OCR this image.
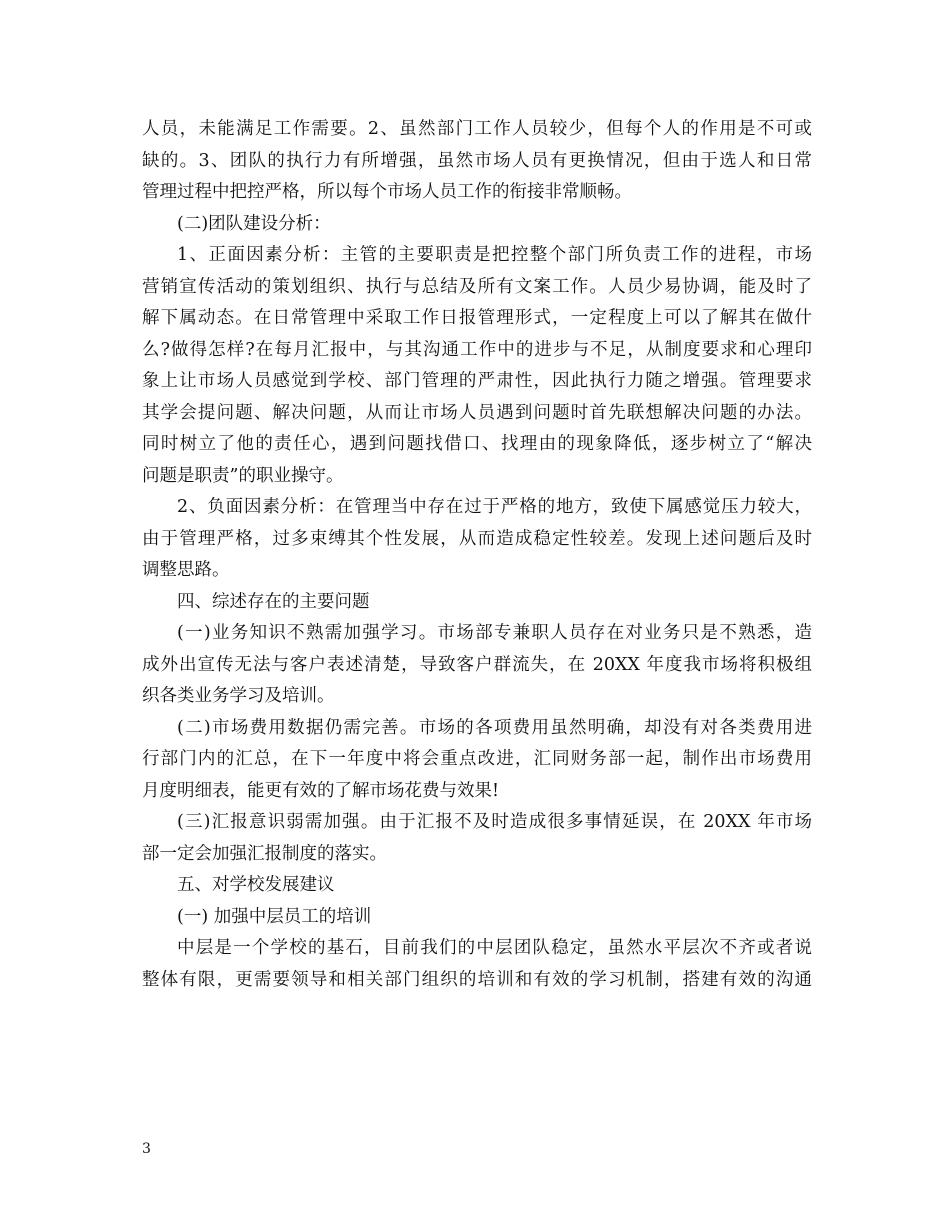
人员，未能满足工作需要。2、虽然部门工作人员较少，但每个人的作用是不可或
缺的。3、团队的执行力有所增强，虽然市场人员有更换情况，但由于选人和日常
管理过程中把控严格，所以每个市场人员工作的衔接非常顺畅。
(二)团队建设分析：
1、正面因素分析：主管的主要职责是把控整个部门所负责工作的进程，市场
营销宣传活动的策划组织、执行与总结及所有文案工作。人员少易协调，能及时了
解下属动态。在日常管理中采取工作日报管理形式，一定程度上可以了解其在做什
么?做得怎样?在每月汇报中，与其沟通工作中的进步与不足，从制度要求和心理印
象上让市场人员感觉到学校、部门管理的严肃性，因此执行力随之增强。管理要求
其学会提问题、解决问题，从而让市场人员遇到问题时首先联想解决问题的办法。
同时树立了他的责任心，遇到问题找借口、找理由的现象降低，逐步树立了“解决
问题是职责”的职业操守。
2、负面因素分析：在管理当中存在过于严格的地方，致使下属感觉压力较大，
由于管理严格，过多束缚其个性发展，从而造成稳定性较差。发现上述问题后及时
调整思路。
四、综述存在的主要问题
(一)业务知识不熟需加强学习。市场部专兼职人员存在对业务只是不熟悉，造
成外出宣传无法与客户表述清楚，导致客户群流失，在 20XX 年度我市场将积极组
织各类业务学习及培训。
(二)市场费用数据仍需完善。市场的各项费用虽然明确，却没有对各类费用进
行部门内的汇总，在下一年度中将会重点改进，汇同财务部一起，制作出市场费用
月度明细表，能更有效的了解市场花费与效果!
(三)汇报意识弱需加强。由于汇报不及时造成很多事情延误，在 20XX 年市场
部一定会加强汇报制度的落实。
五、对学校发展建议
(一) 加强中层员工的培训
中层是一个学校的基石，目前我们的中层团队稳定，虽然水平层次不齐或者说
整体有限，更需要领导和相关部门组织的培训和有效的学习机制，搭建有效的沟通
3
